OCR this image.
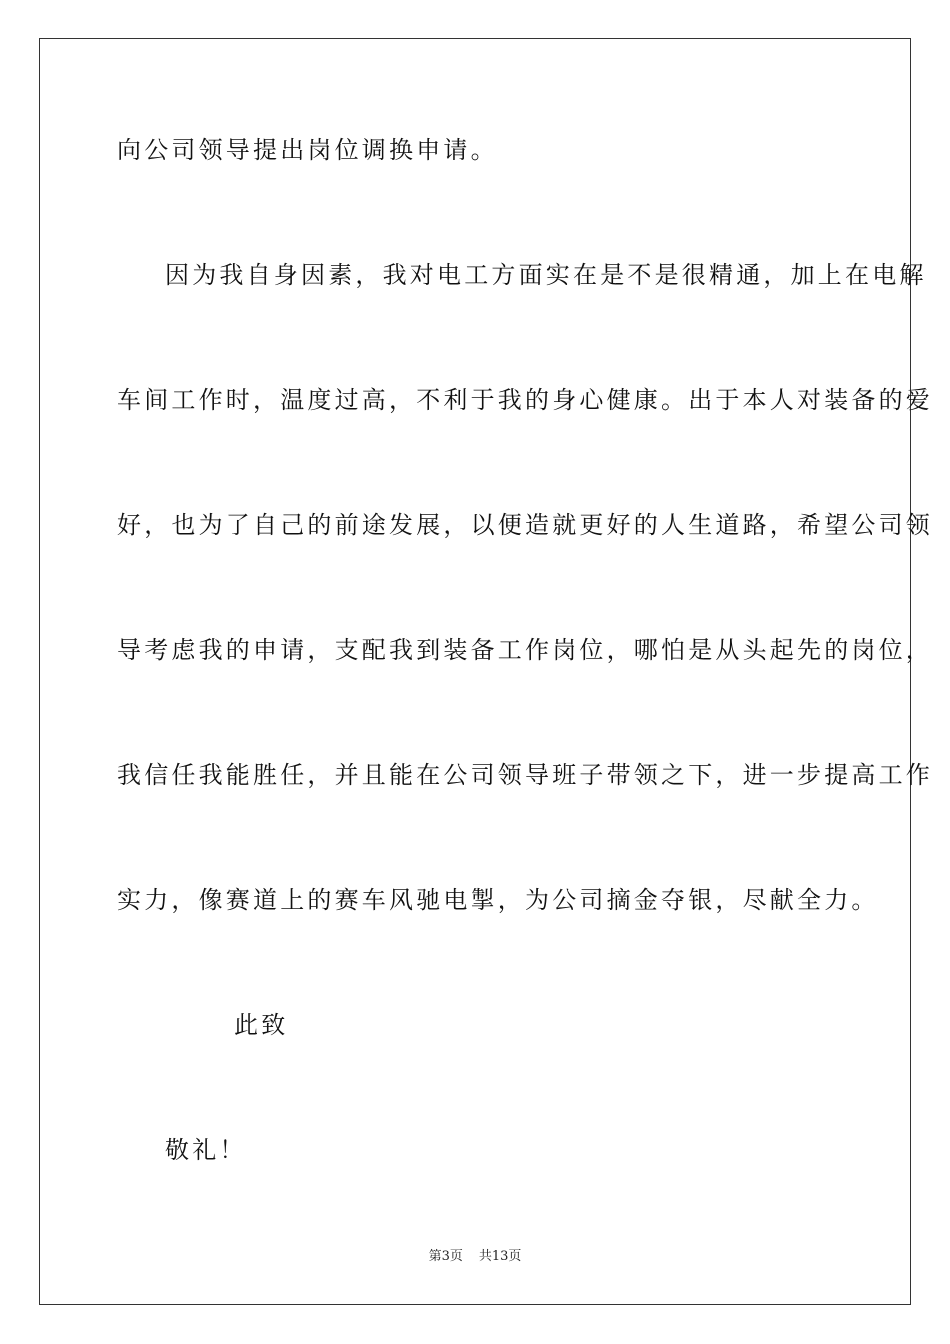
向公司领导提出岗位调换申请。
因为我自身因素，我对电工方面实在是不是很精通，加上在电解
车间工作时，温度过高，不利于我的身心健康。出于本人对装备的爱
好，也为了自己的前途发展，以便造就更好的人生道路，希望公司领
导考虑我的申请，支配我到装备工作岗位，哪怕是从头起先的岗位，
我信任我能胜任，并且能在公司领导班子带领之下，进一步提高工作
实力，像赛道上的赛车风驰电掣，为公司摘金夺银，尽献全力。
此致
敬礼！
第3页 共13页
